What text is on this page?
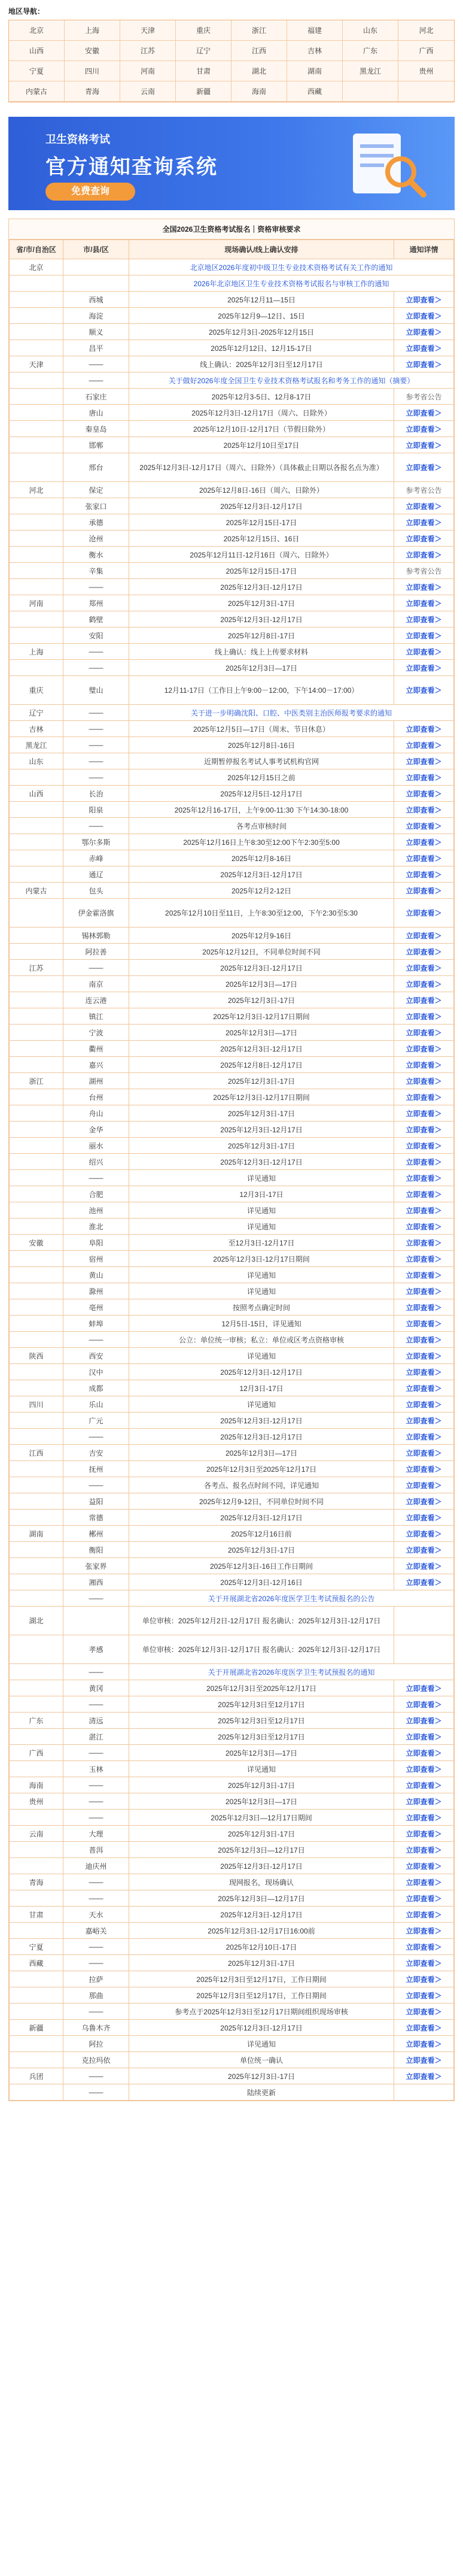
地区导航：
北京	上海	天津	重庆	浙江	福建	山东	河北
山西	安徽	江苏	辽宁	江西	吉林	广东	广西
宁夏	四川	河南	甘肃	湖北	湖南	黑龙江	贵州
内蒙古	青海	云南	新疆	海南	西藏
卫生资格考试
官方通知查询系统
免费查询
全国2026卫生资格考试报名｜资格审核要求
省/市/自治区	市/县/区	现场确认/线上确认安排	通知详情
北京		北京地区2026年度初中级卫生专业技术资格考试有关工作的通知	
		2026年北京地区卫生专业技术资格考试报名与审核工作的通知	
	西城	2025年12月11—15日	立即查看＞
	海淀	2025年12月9—12日、15日	立即查看＞
	顺义	2025年12月3日-2025年12月15日	立即查看＞
	昌平	2025年12月12日、12月15-17日	立即查看＞
天津	——	线上确认：2025年12月3日至12月17日	立即查看＞
	——	关于做好2026年度全国卫生专业技术资格考试报名和考务工作的通知（摘要）	
	石家庄	2025年12月3-5日、12月8-17日	参考省公告
	唐山	2025年12月3日-12月17日（周六、日除外）	立即查看＞
	秦皇岛	2025年12月10日-12月17日（节假日除外）	立即查看＞
	邯郸	2025年12月10日至17日	立即查看＞
	邢台	2025年12月3日-12月17日（周六、日除外）（具体截止日期以各报名点为准）	立即查看＞
河北	保定	2025年12月8日-16日（周六、日除外）	参考省公告
	张家口	2025年12月3日-12月17日	立即查看＞
	承德	2025年12月15日-17日	立即查看＞
	沧州	2025年12月15日、16日	立即查看＞
	衡水	2025年12月11日-12月16日（周六、日除外）	立即查看＞
	辛集	2025年12月15日-17日	参考省公告
	——	2025年12月3日-12月17日	立即查看＞
河南	郑州	2025年12月3日-17日	立即查看＞
	鹤壁	2025年12月3日-12月17日	立即查看＞
	安阳	2025年12月8日-17日	立即查看＞
上海	——	线上确认：线上上传要求材料	立即查看＞
	——	2025年12月3日—17日	立即查看＞
重庆	璧山	12月11-17日（工作日上午9:00－12:00，下午14:00－17:00）	立即查看＞
辽宁	——	关于进一步明确沈阳、口腔、中医类别主治医师报考要求的通知	
吉林	——	2025年12月5日—17日（周末、节日休息）	立即查看＞
黑龙江	——	2025年12月8日-16日	立即查看＞
山东	——	近期暂停报名考试人事考试机构官网	立即查看＞
	——	2025年12月15日之前	立即查看＞
山西	长治	2025年12月5日-12月17日	立即查看＞
	阳泉	2025年12月16-17日，上午9:00-11:30 下午14:30-18:00	立即查看＞
	——	各考点审核时间	立即查看＞
	鄂尔多斯	2025年12月16日上午8:30至12:00下午2:30至5:00	立即查看＞
	赤峰	2025年12月8-16日	立即查看＞
	通辽	2025年12月3日-12月17日	立即查看＞
内蒙古	包头	2025年12月2-12日	立即查看＞
	伊金霍洛旗	2025年12月10日至11日，上午8:30至12:00，下午2:30至5:30	立即查看＞
	锡林郭勒	2025年12月9-16日	立即查看＞
	阿拉善	2025年12月12日，不同单位时间不同	立即查看＞
江苏	——	2025年12月3日-12月17日	立即查看＞
	南京	2025年12月3日—17日	立即查看＞
	连云港	2025年12月3日-17日	立即查看＞
	镇江	2025年12月3日-12月17日期间	立即查看＞
	宁波	2025年12月3日—17日	立即查看＞
	衢州	2025年12月3日-12月17日	立即查看＞
	嘉兴	2025年12月8日-12月17日	立即查看＞
浙江	湖州	2025年12月3日-17日	立即查看＞
	台州	2025年12月3日-12月17日期间	立即查看＞
	舟山	2025年12月3日-17日	立即查看＞
	金华	2025年12月3日-12月17日	立即查看＞
	丽水	2025年12月3日-17日	立即查看＞
	绍兴	2025年12月3日-12月17日	立即查看＞
	——	详见通知	立即查看＞
	合肥	12月3日-17日	立即查看＞
	池州	详见通知	立即查看＞
	淮北	详见通知	立即查看＞
安徽	阜阳	至12月3日-12月17日	立即查看＞
	宿州	2025年12月3日-12月17日期间	立即查看＞
	黄山	详见通知	立即查看＞
	滁州	详见通知	立即查看＞
	亳州	按照考点确定时间	立即查看＞
	蚌埠	12月5日-15日，详见通知	立即查看＞
	——	公立：单位统一审核；私立：单位或区考点资格审核	立即查看＞
陕西	西安	详见通知	立即查看＞
	汉中	2025年12月3日-12月17日	立即查看＞
	成都	12月3日-17日	立即查看＞
四川	乐山	详见通知	立即查看＞
	广元	2025年12月3日-12月17日	立即查看＞
	——	2025年12月3日-12月17日	立即查看＞
江西	吉安	2025年12月3日—17日	立即查看＞
	抚州	2025年12月3日至2025年12月17日	立即查看＞
	——	各考点、报名点时间不同，详见通知	立即查看＞
	益阳	2025年12月9-12日，不同单位时间不同	立即查看＞
	常德	2025年12月3日-12月17日	立即查看＞
湖南	郴州	2025年12月16日前	立即查看＞
	衡阳	2025年12月3日-17日	立即查看＞
	张家界	2025年12月3日-16日工作日期间	立即查看＞
	湘西	2025年12月3日-12月16日	立即查看＞
	——	关于开展湖北省2026年度医学卫生考试预报名的公告	
湖北		单位审核：2025年12月2日-12月17日 报名确认：2025年12月3日-12月17日	
	孝感	单位审核：2025年12月3日-12月17日 报名确认：2025年12月3日-12月17日	
	——	关于开展湖北省2026年度医学卫生考试预报名的通知	
	黄冈	2025年12月3日至2025年12月17日	立即查看＞
	——	2025年12月3日至12月17日	立即查看＞
广东	清远	2025年12月3日至12月17日	立即查看＞
	湛江	2025年12月3日至12月17日	立即查看＞
广西	——	2025年12月3日—17日	立即查看＞
	玉林	详见通知	立即查看＞
海南	——	2025年12月3日-17日	立即查看＞
贵州	——	2025年12月3日—17日	立即查看＞
	——	2025年12月3日—12月17日期间	立即查看＞
云南	大理	2025年12月3日-17日	立即查看＞
	普洱	2025年12月3日—12月17日	立即查看＞
	迪庆州	2025年12月3日-12月17日	立即查看＞
青海	——	现网报名，现场确认	立即查看＞
	——	2025年12月3日—12月17日	立即查看＞
甘肃	天水	2025年12月3日-12月17日	立即查看＞
	嘉峪关	2025年12月3日-12月17日16:00前	立即查看＞
宁夏	——	2025年12月10日-17日	立即查看＞
西藏	——	2025年12月3日-17日	立即查看＞
	拉萨	2025年12月3日至12月17日，工作日期间	立即查看＞
	那曲	2025年12月3日至12月17日，工作日期间	立即查看＞
	——	参考点于2025年12月3日至12月17日期间组织现场审核	立即查看＞
新疆	乌鲁木齐	2025年12月3日-12月17日	立即查看＞
	阿拉	详见通知	立即查看＞
	克拉玛依	单位统一确认	立即查看＞
兵团	——	2025年12月3日-17日	立即查看＞
	——	陆续更新	
